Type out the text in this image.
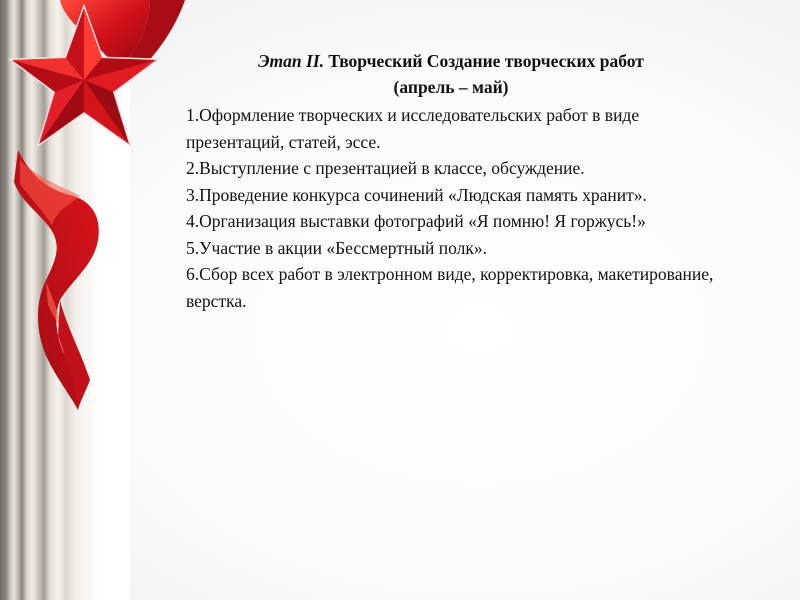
Этап II. Творческий Создание творческих работ
(апрель – май)

1.Оформление творческих и исследовательских работ в виде презентаций, статей, эссе.
2.Выступление с презентацией в классе, обсуждение.
3.Проведение конкурса сочинений «Людская память хранит».
4.Организация выставки фотографий «Я помню! Я горжусь!»
5.Участие в акции «Бессмертный полк».
6.Сбор всех работ в электронном виде, корректировка, макетирование, верстка.
